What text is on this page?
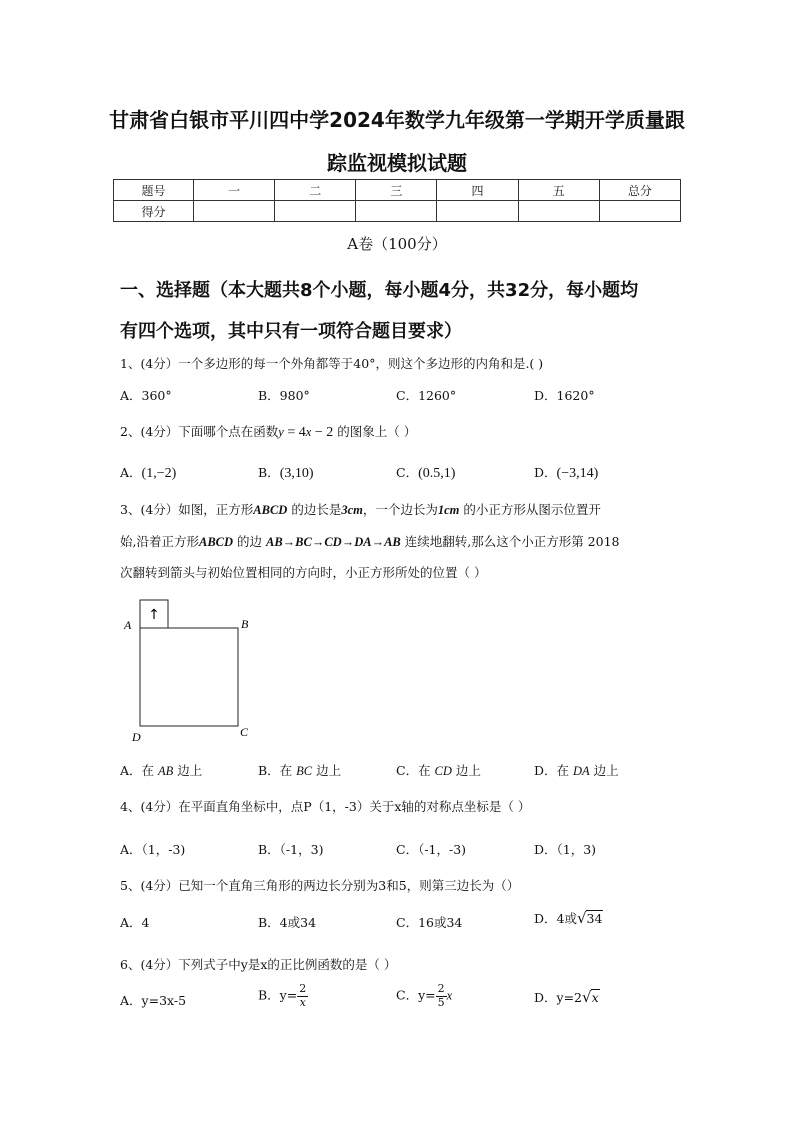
甘肃省白银市平川四中学2024年数学九年级第一学期开学质量跟
踪监视模拟试题
题号	一	二	三	四	五	总分
得分						
A卷（100分）
一、选择题（本大题共8个小题，每小题4分，共32分，每小题均
有四个选项，其中只有一项符合题目要求）
1、(4分）一个多边形的每一个外角都等于40°，则这个多边形的内角和是.( )
A．360°	B．980°	C．1260°	D．1620°
2、(4分）下面哪个点在函数y = 4x − 2 的图象上（ ）
A．(1,−2)	B．(3,10)	C．(0.5,1)	D．(−3,14)
3、(4分）如图，正方形ABCD 的边长是3cm，一个边长为1cm 的小正方形从图示位置开
始,沿着正方形ABCD 的边 AB→BC→CD→DA→AB 连续地翻转,那么这个小正方形第 2018
次翻转到箭头与初始位置相同的方向时，小正方形所处的位置（ ）
↑
A	B
C
D
A．在 AB 边上	B．在 BC 边上	C．在 CD 边上	D．在 DA 边上
4、(4分）在平面直角坐标中，点P（1，-3）关于x轴的对称点坐标是（ ）
A．（1，-3)	B．（-1，3)	C．（-1，-3)	D．（1，3)
5、(4分）已知一个直角三角形的两边长分别为3和5，则第三边长为（）
A．4	B．4或34	C．16或34	D．4或√34
6、(4分）下列式子中y是x的正比例函数的是（ ）
A．y=3x-5	B．$y= \frac{2}{x}$	C．$y= \frac{2}{5}$ x	D．y=2√x
